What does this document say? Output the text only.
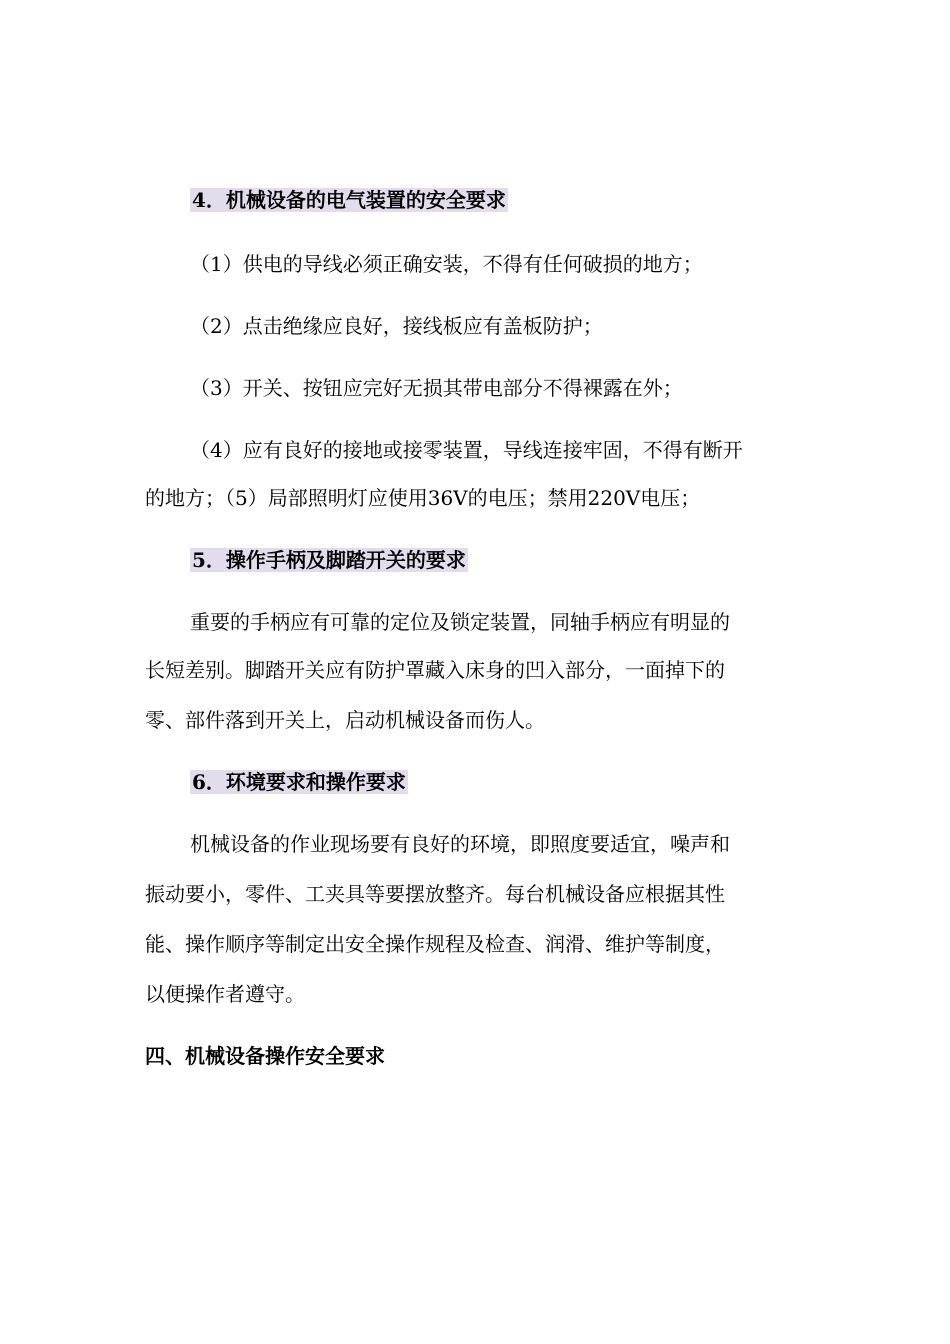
4．机械设备的电气装置的安全要求
（1）供电的导线必须正确安装，不得有任何破损的地方；
（2）点击绝缘应良好，接线板应有盖板防护；
（3）开关、按钮应完好无损其带电部分不得裸露在外；
（4）应有良好的接地或接零装置，导线连接牢固，不得有断开
的地方；（5）局部照明灯应使用36V的电压；禁用220V电压；
5．操作手柄及脚踏开关的要求
重要的手柄应有可靠的定位及锁定装置，同轴手柄应有明显的
长短差别。脚踏开关应有防护罩藏入床身的凹入部分，一面掉下的
零、部件落到开关上，启动机械设备而伤人。
6．环境要求和操作要求
机械设备的作业现场要有良好的环境，即照度要适宜，噪声和
振动要小，零件、工夹具等要摆放整齐。每台机械设备应根据其性
能、操作顺序等制定出安全操作规程及检查、润滑、维护等制度，
以便操作者遵守。
四、机械设备操作安全要求
